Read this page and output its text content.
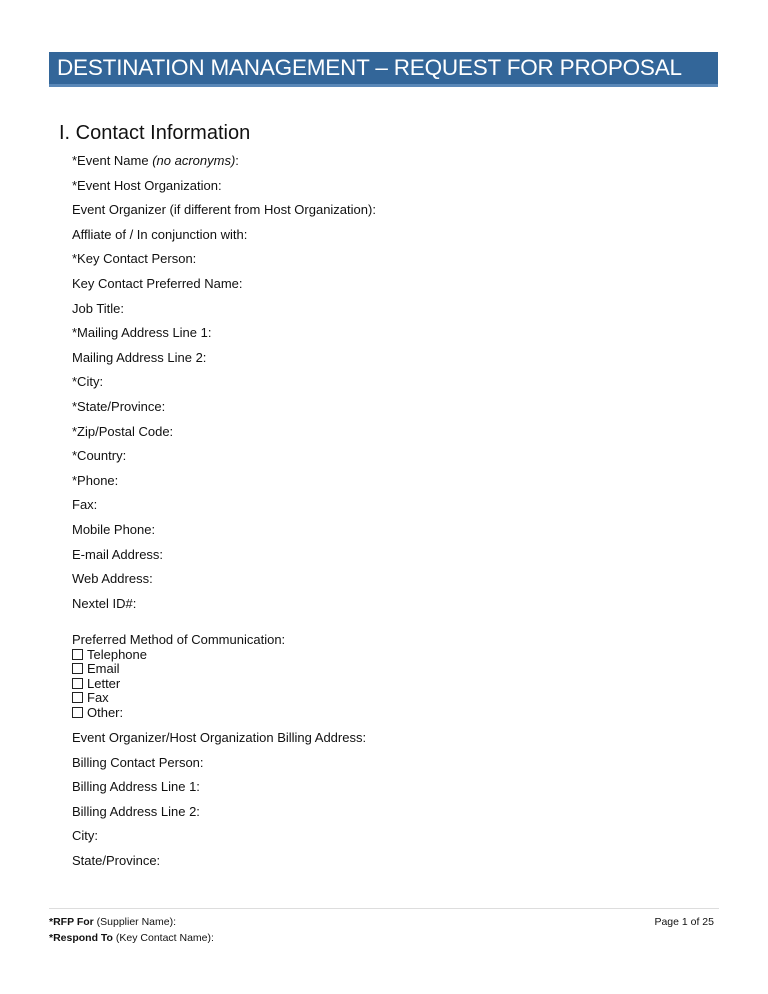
DESTINATION MANAGEMENT – REQUEST FOR PROPOSAL
I. Contact Information
*Event Name (no acronyms):
*Event Host Organization:
Event Organizer (if different from Host Organization):
Affliate of / In conjunction with:
*Key Contact Person:
Key Contact Preferred Name:
Job Title:
*Mailing Address Line 1:
Mailing Address Line 2:
*City:
*State/Province:
*Zip/Postal Code:
*Country:
*Phone:
Fax:
Mobile Phone:
E-mail Address:
Web Address:
Nextel ID#:
Preferred Method of Communication:
Telephone
Email
Letter
Fax
Other:
Event Organizer/Host Organization Billing Address:
Billing Contact Person:
Billing Address Line 1:
Billing Address Line 2:
City:
State/Province:
*RFP For (Supplier Name):
*Respond To (Key Contact Name):
Page 1 of 25
